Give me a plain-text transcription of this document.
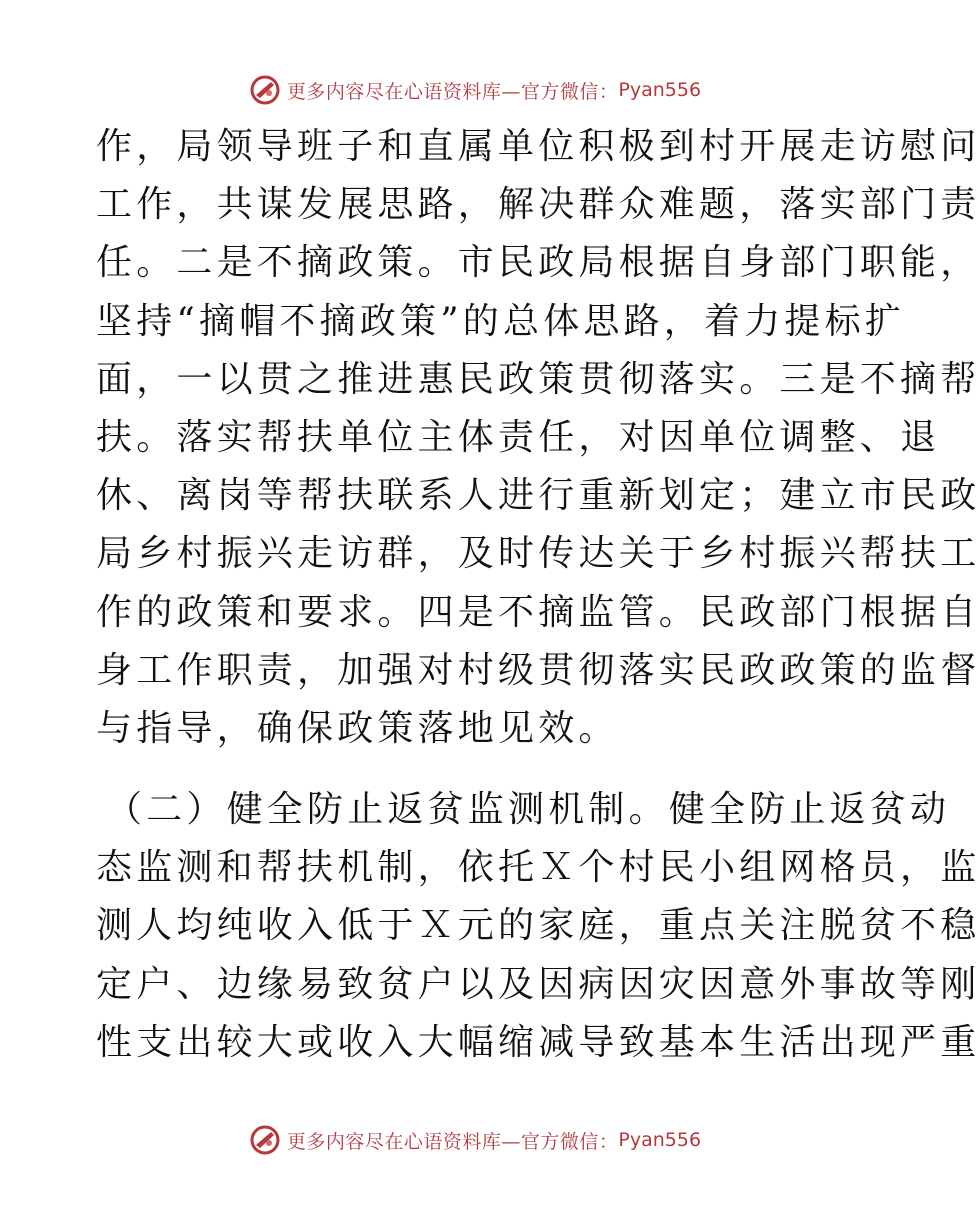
更多内容尽在心语资料库—官方微信： Pyan556
作，局领导班子和直属单位积极到村开展走访慰问
工作，共谋发展思路，解决群众难题，落实部门责
任。二是不摘政策。市民政局根据自身部门职能，
坚持“摘帽不摘政策”的总体思路，着力提标扩
面，一以贯之推进惠民政策贯彻落实。三是不摘帮
扶。落实帮扶单位主体责任，对因单位调整、退
休、离岗等帮扶联系人进行重新划定；建立市民政
局乡村振兴走访群，及时传达关于乡村振兴帮扶工
作的政策和要求。四是不摘监管。民政部门根据自
身工作职责，加强对村级贯彻落实民政政策的监督
与指导，确保政策落地见效。
（二）健全防止返贫监测机制。健全防止返贫动
态监测和帮扶机制，依托Ｘ个村民小组网格员，监
测人均纯收入低于Ｘ元的家庭，重点关注脱贫不稳
定户、边缘易致贫户以及因病因灾因意外事故等刚
性支出较大或收入大幅缩减导致基本生活出现严重
更多内容尽在心语资料库—官方微信： Pyan556
